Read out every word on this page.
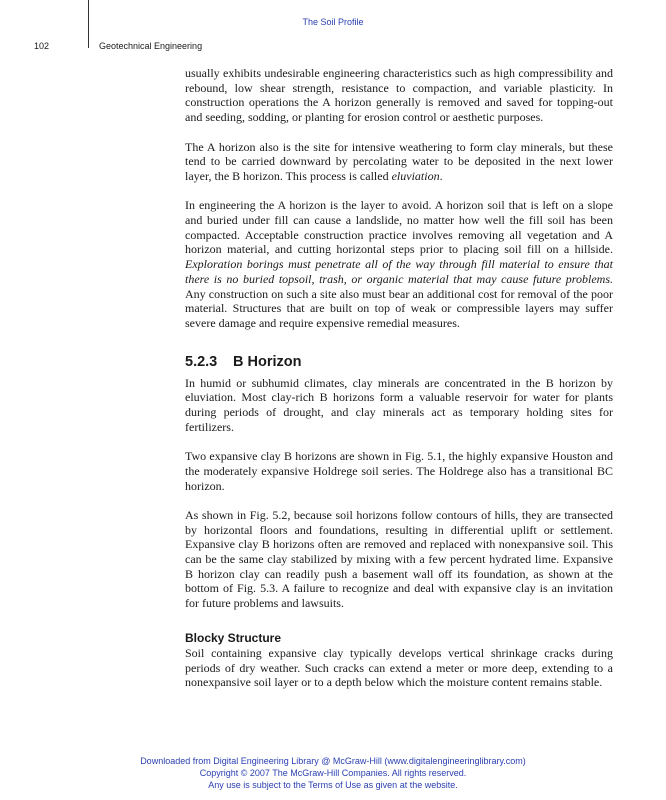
The Soil Profile
102	Geotechnical Engineering

usually exhibits undesirable engineering characteristics such as high compressibility and rebound, low shear strength, resistance to compaction, and variable plasticity. In construction operations the A horizon generally is removed and saved for topping-out and seeding, sodding, or planting for erosion control or aesthetic purposes.

The A horizon also is the site for intensive weathering to form clay minerals, but these tend to be carried downward by percolating water to be deposited in the next lower layer, the B horizon. This process is called eluviation.

In engineering the A horizon is the layer to avoid. A horizon soil that is left on a slope and buried under fill can cause a landslide, no matter how well the fill soil has been compacted. Acceptable construction practice involves removing all vegetation and A horizon material, and cutting horizontal steps prior to placing soil fill on a hillside. Exploration borings must penetrate all of the way through fill material to ensure that there is no buried topsoil, trash, or organic material that may cause future problems. Any construction on such a site also must bear an additional cost for removal of the poor material. Structures that are built on top of weak or compressible layers may suffer severe damage and require expensive remedial measures.

5.2.3 B Horizon

In humid or subhumid climates, clay minerals are concentrated in the B horizon by eluviation. Most clay-rich B horizons form a valuable reservoir for water for plants during periods of drought, and clay minerals act as temporary holding sites for fertilizers.

Two expansive clay B horizons are shown in Fig. 5.1, the highly expansive Houston and the moderately expansive Holdrege soil series. The Holdrege also has a transitional BC horizon.

As shown in Fig. 5.2, because soil horizons follow contours of hills, they are transected by horizontal floors and foundations, resulting in differential uplift or settlement. Expansive clay B horizons often are removed and replaced with nonexpansive soil. This can be the same clay stabilized by mixing with a few percent hydrated lime. Expansive B horizon clay can readily push a basement wall off its foundation, as shown at the bottom of Fig. 5.3. A failure to recognize and deal with expansive clay is an invitation for future problems and lawsuits.

Blocky Structure

Soil containing expansive clay typically develops vertical shrinkage cracks during periods of dry weather. Such cracks can extend a meter or more deep, extending to a nonexpansive soil layer or to a depth below which the moisture content remains stable.

Downloaded from Digital Engineering Library @ McGraw-Hill (www.digitalengineeringlibrary.com)
Copyright © 2007 The McGraw-Hill Companies. All rights reserved.
Any use is subject to the Terms of Use as given at the website.
